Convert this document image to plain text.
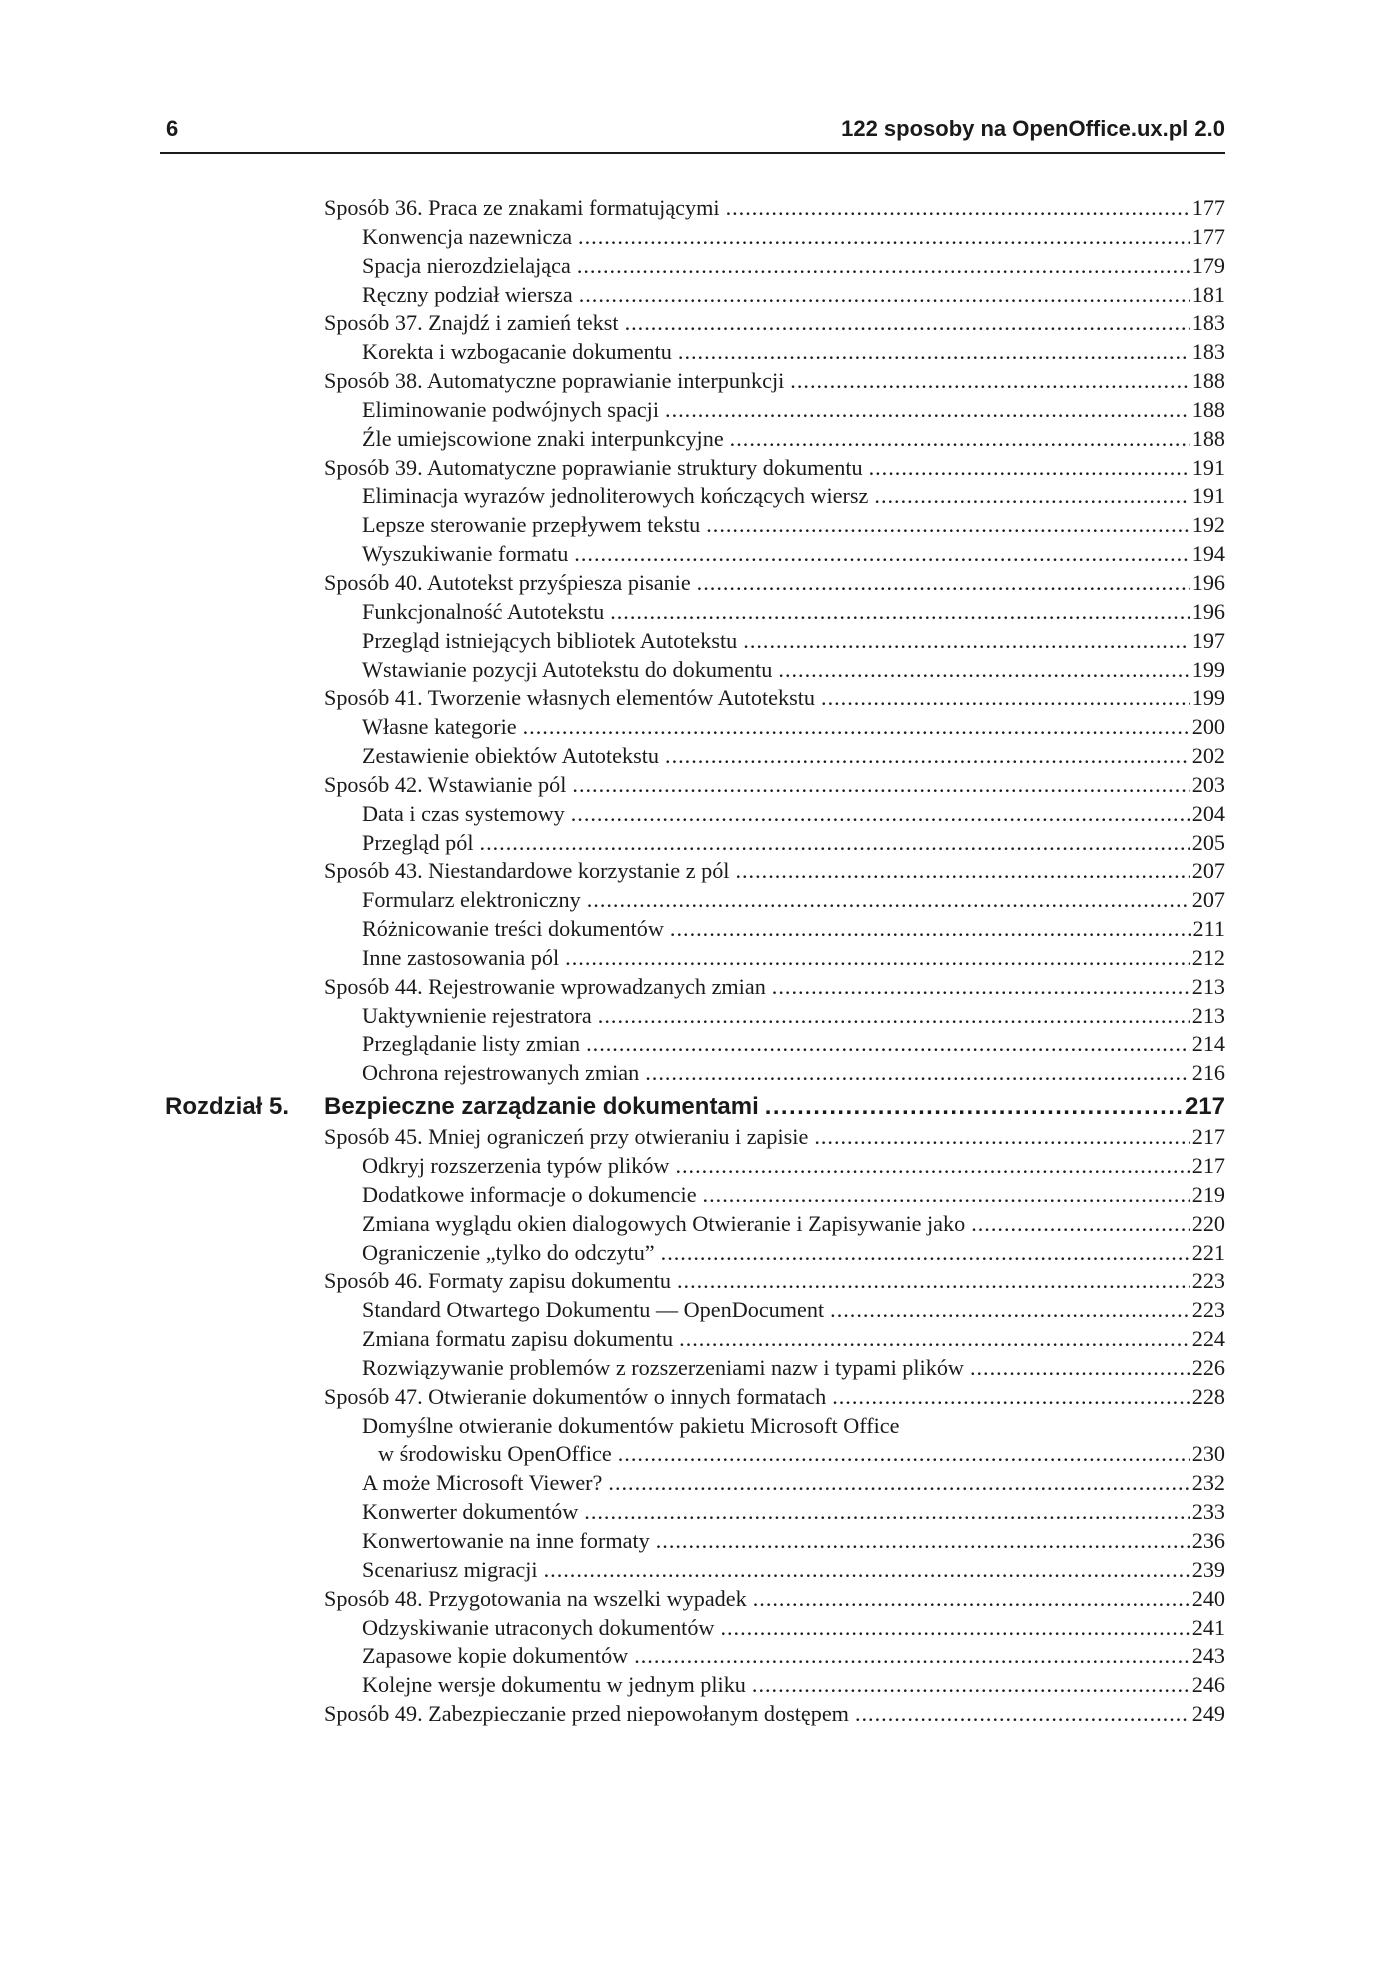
6	122 sposoby na OpenOffice.ux.pl 2.0
Sposób 36. Praca ze znakami formatującymi .....	177
Konwencja nazewnicza .....	177
Spacja nierozdzielająca .....	179
Ręczny podział wiersza .....	181
Sposób 37. Znajdź i zamień tekst .....	183
Korekta i wzbogacanie dokumentu .....	183
Sposób 38. Automatyczne poprawianie interpunkcji .....	188
Eliminowanie podwójnych spacji .....	188
Źle umiejscowione znaki interpunkcyjne .....	188
Sposób 39. Automatyczne poprawianie struktury dokumentu .....	191
Eliminacja wyrazów jednoliterowych kończących wiersz .....	191
Lepsze sterowanie przepływem tekstu .....	192
Wyszukiwanie formatu .....	194
Sposób 40. Autotekst przyśpiesza pisanie .....	196
Funkcjonalność Autotekstu .....	196
Przegląd istniejących bibliotek Autotekstu .....	197
Wstawianie pozycji Autotekstu do dokumentu .....	199
Sposób 41. Tworzenie własnych elementów Autotekstu .....	199
Własne kategorie .....	200
Zestawienie obiektów Autotekstu .....	202
Sposób 42. Wstawianie pól .....	203
Data i czas systemowy .....	204
Przegląd pól .....	205
Sposób 43. Niestandardowe korzystanie z pól .....	207
Formularz elektroniczny .....	207
Różnicowanie treści dokumentów .....	211
Inne zastosowania pól .....	212
Sposób 44. Rejestrowanie wprowadzanych zmian .....	213
Uaktywnienie rejestratora .....	213
Przeglądanie listy zmian .....	214
Ochrona rejestrowanych zmian .....	216
Rozdział 5. Bezpieczne zarządzanie dokumentami .....	217
Sposób 45. Mniej ograniczeń przy otwieraniu i zapisie .....	217
Odkryj rozszerzenia typów plików .....	217
Dodatkowe informacje o dokumencie .....	219
Zmiana wyglądu okien dialogowych Otwieranie i Zapisywanie jako .....	220
Ograniczenie „tylko do odczytu” .....	221
Sposób 46. Formaty zapisu dokumentu .....	223
Standard Otwartego Dokumentu — OpenDocument .....	223
Zmiana formatu zapisu dokumentu .....	224
Rozwiązywanie problemów z rozszerzeniami nazw i typami plików .....	226
Sposób 47. Otwieranie dokumentów o innych formatach .....	228
Domyślne otwieranie dokumentów pakietu Microsoft Office
w środowisku OpenOffice .....	230
A może Microsoft Viewer? .....	232
Konwerter dokumentów .....	233
Konwertowanie na inne formaty .....	236
Scenariusz migracji .....	239
Sposób 48. Przygotowania na wszelki wypadek .....	240
Odzyskiwanie utraconych dokumentów .....	241
Zapasowe kopie dokumentów .....	243
Kolejne wersje dokumentu w jednym pliku .....	246
Sposób 49. Zabezpieczanie przed niepowołanym dostępem .....	249
